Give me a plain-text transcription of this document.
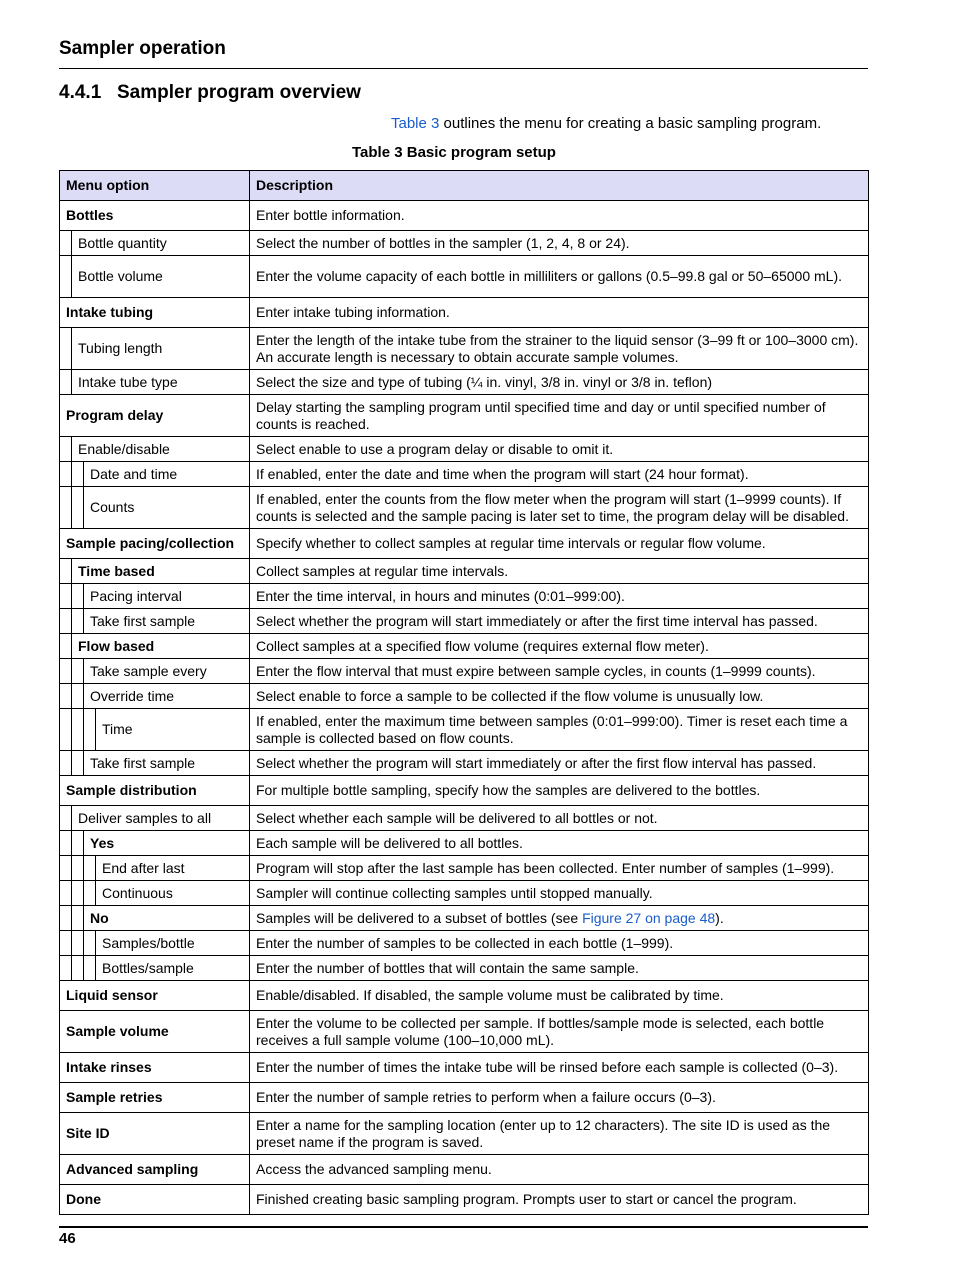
Sampler operation
4.4.1 Sampler program overview
Table 3 outlines the menu for creating a basic sampling program.
Table 3 Basic program setup
Menu option	Description

Bottles	Enter bottle information.

Bottle quantity	Select the number of bottles in the sampler (1, 2, 4, 8 or 24).

Bottle volume	Enter the volume capacity of each bottle in milliliters or gallons (0.5–99.8 gal or 50–65000 mL).

Intake tubing	Enter intake tubing information.

Tubing length	Enter the length of the intake tube from the strainer to the liquid sensor (3–99 ft or 100–3000 cm). An accurate length is necessary to obtain accurate sample volumes.

Intake tube type	Select the size and type of tubing (¼ in. vinyl, 3/8 in. vinyl or 3/8 in. teflon)

Program delay	Delay starting the sampling program until specified time and day or until specified number of counts is reached.

Enable/disable	Select enable to use a program delay or disable to omit it.

Date and time	If enabled, enter the date and time when the program will start (24 hour format).

Counts	If enabled, enter the counts from the flow meter when the program will start (1–9999 counts). If counts is selected and the sample pacing is later set to time, the program delay will be disabled.

Sample pacing/collection	Specify whether to collect samples at regular time intervals or regular flow volume.

Time based	Collect samples at regular time intervals.

Pacing interval	Enter the time interval, in hours and minutes (0:01–999:00).

Take first sample	Select whether the program will start immediately or after the first time interval has passed.

Flow based	Collect samples at a specified flow volume (requires external flow meter).

Take sample every	Enter the flow interval that must expire between sample cycles, in counts (1–9999 counts).

Override time	Select enable to force a sample to be collected if the flow volume is unusually low.

Time	If enabled, enter the maximum time between samples (0:01–999:00). Timer is reset each time a sample is collected based on flow counts.

Take first sample	Select whether the program will start immediately or after the first flow interval has passed.

Sample distribution	For multiple bottle sampling, specify how the samples are delivered to the bottles.

Deliver samples to all	Select whether each sample will be delivered to all bottles or not.

Yes	Each sample will be delivered to all bottles.

End after last	Program will stop after the last sample has been collected. Enter number of samples (1–999).

Continuous	Sampler will continue collecting samples until stopped manually.

No	Samples will be delivered to a subset of bottles (see Figure 27 on page 48).

Samples/bottle	Enter the number of samples to be collected in each bottle (1–999).

Bottles/sample	Enter the number of bottles that will contain the same sample.

Liquid sensor	Enable/disabled. If disabled, the sample volume must be calibrated by time.

Sample volume	Enter the volume to be collected per sample. If bottles/sample mode is selected, each bottle receives a full sample volume (100–10,000 mL).

Intake rinses	Enter the number of times the intake tube will be rinsed before each sample is collected (0–3).

Sample retries	Enter the number of sample retries to perform when a failure occurs (0–3).

Site ID	Enter a name for the sampling location (enter up to 12 characters). The site ID is used as the preset name if the program is saved.

Advanced sampling	Access the advanced sampling menu.

Done	Finished creating basic sampling program. Prompts user to start or cancel the program.
46
